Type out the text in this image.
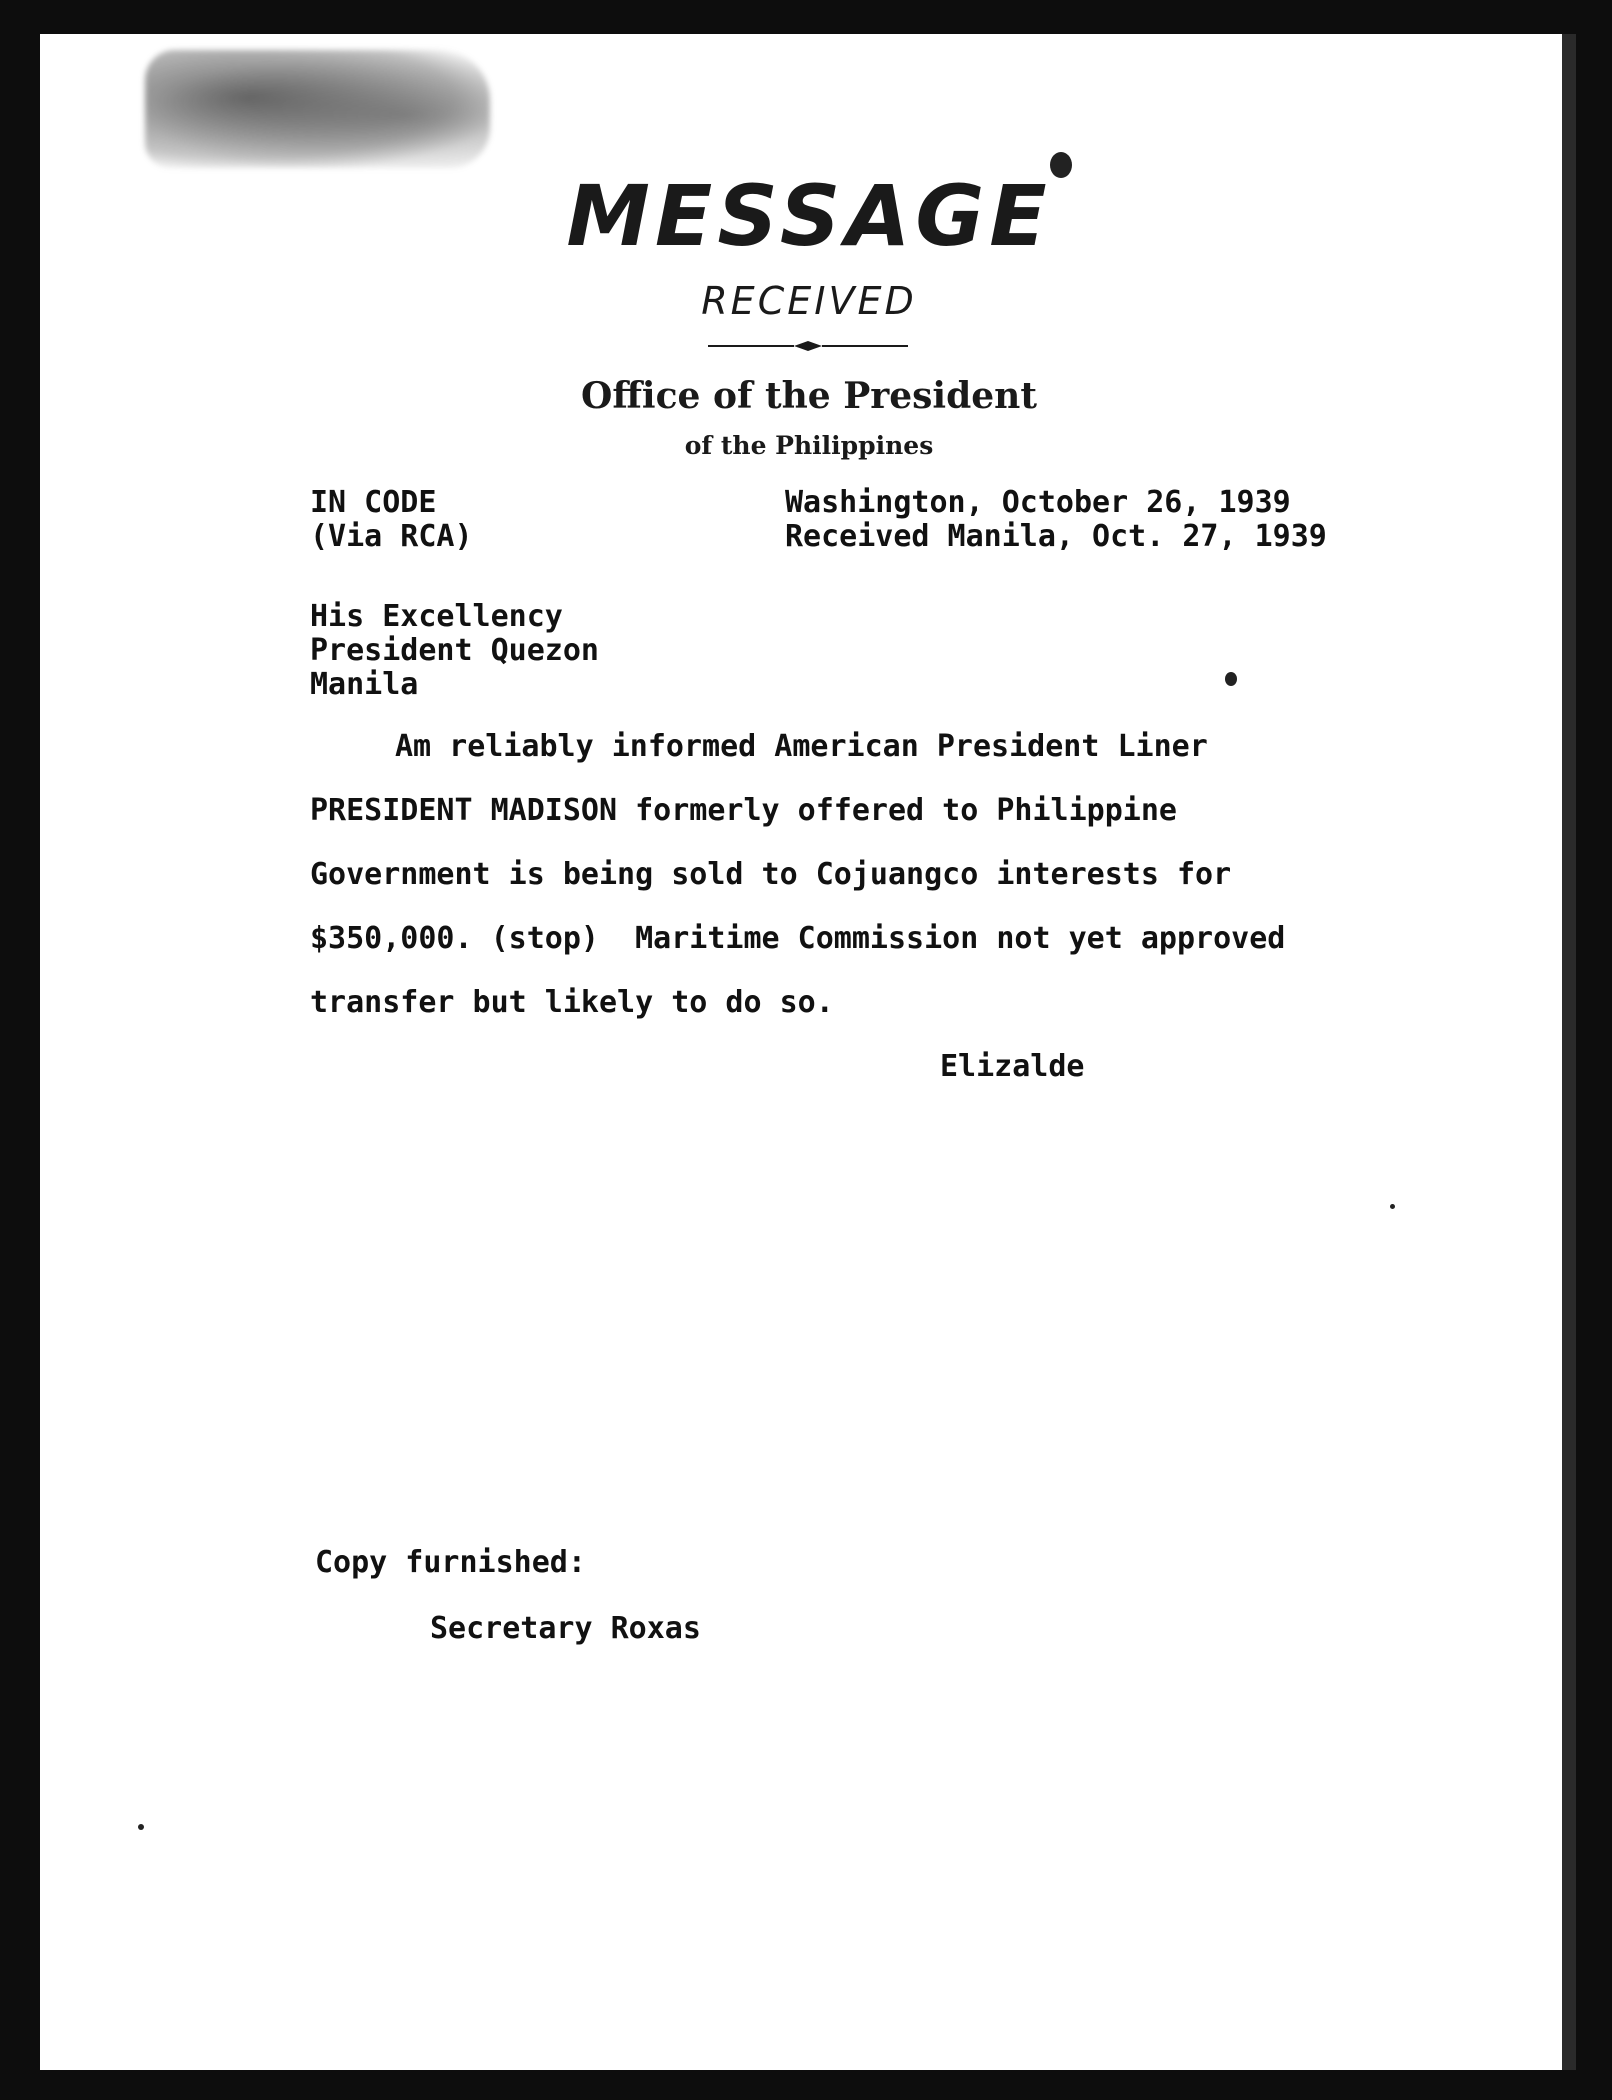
MESSAGE
RECEIVED
Office of the President
of the Philippines
IN CODE
(Via RCA)
Washington, October 26, 1939
Received Manila, Oct. 27, 1939
His Excellency
President Quezon
Manila
Am reliably informed American President Liner
PRESIDENT MADISON formerly offered to Philippine
Government is being sold to Cojuangco interests for
$350,000. (stop)  Maritime Commission not yet approved
transfer but likely to do so.
Elizalde
Copy furnished:
Secretary Roxas
